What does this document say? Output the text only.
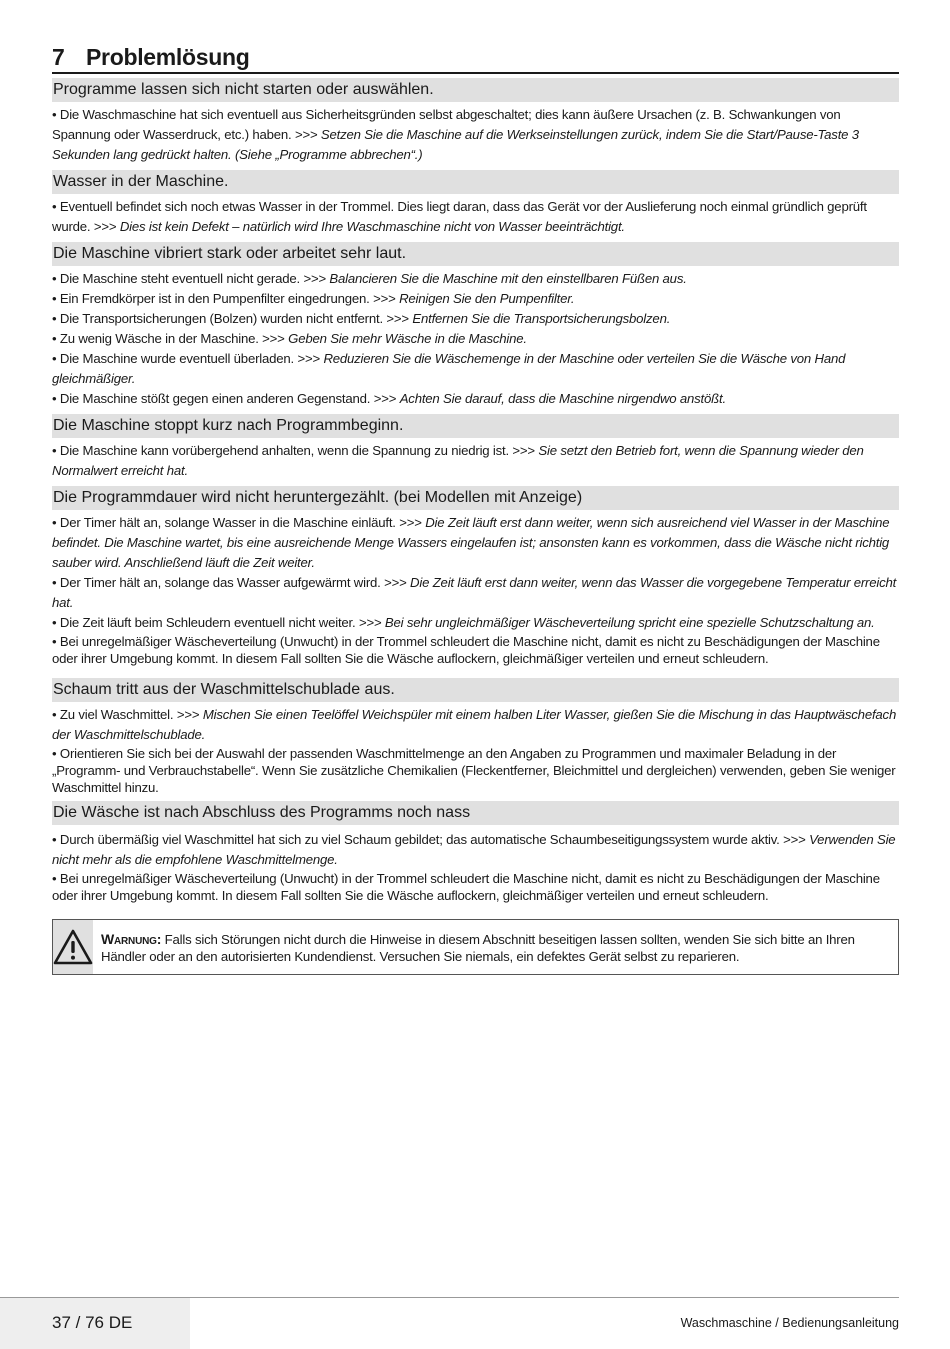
7 Problemlösung
Programme lassen sich nicht starten oder auswählen.

• Die Waschmaschine hat sich eventuell aus Sicherheitsgründen selbst abgeschaltet; dies kann äußere Ursachen (z. B. Schwankungen von Spannung oder Wasserdruck, etc.) haben. >>> Setzen Sie die Maschine auf die Werkseinstellungen zurück, indem Sie die Start/Pause-Taste 3 Sekunden lang gedrückt halten. (Siehe „Programme abbrechen“.)

Wasser in der Maschine.

• Eventuell befindet sich noch etwas Wasser in der Trommel. Dies liegt daran, dass das Gerät vor der Auslieferung noch einmal gründlich geprüft wurde. >>> Dies ist kein Defekt – natürlich wird Ihre Waschmaschine nicht von Wasser beeinträchtigt.

Die Maschine vibriert stark oder arbeitet sehr laut.

• Die Maschine steht eventuell nicht gerade. >>> Balancieren Sie die Maschine mit den einstellbaren Füßen aus.

• Ein Fremdkörper ist in den Pumpenfilter eingedrungen. >>> Reinigen Sie den Pumpenfilter.

• Die Transportsicherungen (Bolzen) wurden nicht entfernt. >>> Entfernen Sie die Transportsicherungsbolzen.

• Zu wenig Wäsche in der Maschine. >>> Geben Sie mehr Wäsche in die Maschine.

• Die Maschine wurde eventuell überladen. >>> Reduzieren Sie die Wäschemenge in der Maschine oder verteilen Sie die Wäsche von Hand gleichmäßiger.

• Die Maschine stößt gegen einen anderen Gegenstand. >>> Achten Sie darauf, dass die Maschine nirgendwo anstößt.

Die Maschine stoppt kurz nach Programmbeginn.

• Die Maschine kann vorübergehend anhalten, wenn die Spannung zu niedrig ist. >>> Sie setzt den Betrieb fort, wenn die Spannung wieder den Normalwert erreicht hat.

Die Programmdauer wird nicht heruntergezählt. (bei Modellen mit Anzeige)

• Der Timer hält an, solange Wasser in die Maschine einläuft. >>> Die Zeit läuft erst dann weiter, wenn sich ausreichend viel Wasser in der Maschine befindet. Die Maschine wartet, bis eine ausreichende Menge Wassers eingelaufen ist; ansonsten kann es vorkommen, dass die Wäsche nicht richtig sauber wird. Anschließend läuft die Zeit weiter.

• Der Timer hält an, solange das Wasser aufgewärmt wird. >>> Die Zeit läuft erst dann weiter, wenn das Wasser die vorgegebene Temperatur erreicht hat.

• Die Zeit läuft beim Schleudern eventuell nicht weiter. >>> Bei sehr ungleichmäßiger Wäscheverteilung spricht eine spezielle Schutzschaltung an.

• Bei unregelmäßiger Wäscheverteilung (Unwucht) in der Trommel schleudert die Maschine nicht, damit es nicht zu Beschädigungen der Maschine oder ihrer Umgebung kommt. In diesem Fall sollten Sie die Wäsche auflockern, gleichmäßiger verteilen und erneut schleudern.

Schaum tritt aus der Waschmittelschublade aus.

• Zu viel Waschmittel. >>> Mischen Sie einen Teelöffel Weichspüler mit einem halben Liter Wasser, gießen Sie die Mischung in das Hauptwäschefach der Waschmittelschublade.

• Orientieren Sie sich bei der Auswahl der passenden Waschmittelmenge an den Angaben zu Programmen und maximaler Beladung in der „Programm- und Verbrauchstabelle“. Wenn Sie zusätzliche Chemikalien (Fleckentferner, Bleichmittel und dergleichen) verwenden, geben Sie weniger Waschmittel hinzu.

Die Wäsche ist nach Abschluss des Programms noch nass

• Durch übermäßig viel Waschmittel hat sich zu viel Schaum gebildet; das automatische Schaumbeseitigungssystem wurde aktiv. >>> Verwenden Sie nicht mehr als die empfohlene Waschmittelmenge.

• Bei unregelmäßiger Wäscheverteilung (Unwucht) in der Trommel schleudert die Maschine nicht, damit es nicht zu Beschädigungen der Maschine oder ihrer Umgebung kommt. In diesem Fall sollten Sie die Wäsche auflockern, gleichmäßiger verteilen und erneut schleudern.

Warnung: Falls sich Störungen nicht durch die Hinweise in diesem Abschnitt beseitigen lassen sollten, wenden Sie sich bitte an Ihren Händler oder an den autorisierten Kundendienst. Versuchen Sie niemals, ein defektes Gerät selbst zu reparieren.
37 / 76 DE	Waschmaschine / Bedienungsanleitung
